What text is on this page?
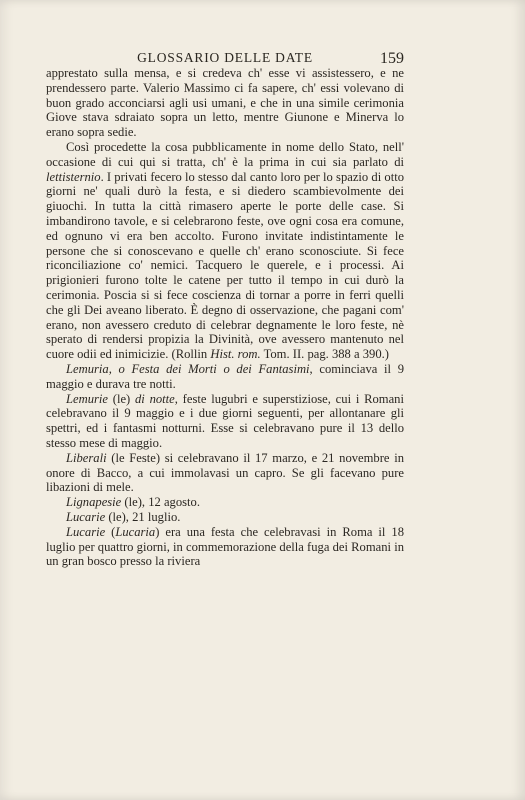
GLOSSARIO DELLE DATE	159

apprestato sulla mensa, e si credeva ch' esse vi assistessero, e ne prendessero parte. Valerio Massimo ci fa sapere, ch' essi volevano di buon grado acconciarsi agli usi umani, e che in una simile cerimonia Giove stava sdraiato sopra un letto, mentre Giunone e Minerva lo erano sopra sedie.

Così procedette la cosa pubblicamente in nome dello Stato, nell' occasione di cui qui si tratta, ch' è la prima in cui sia parlato di lettisternio. I privati fecero lo stesso dal canto loro per lo spazio di otto giorni ne' quali durò la festa, e si diedero scambievolmente dei giuochi. In tutta la città rimasero aperte le porte delle case. Si imbandirono tavole, e si celebrarono feste, ove ogni cosa era comune, ed ognuno vi era ben accolto. Furono invitate indistintamente le persone che si conoscevano e quelle ch' erano sconosciute. Si fece riconciliazione co' nemici. Tacquero le querele, e i processi. Ai prigionieri furono tolte le catene per tutto il tempo in cui durò la cerimonia. Poscia si si fece coscienza di tornar a porre in ferri quelli che gli Dei aveano liberato. È degno di osservazione, che pagani com' erano, non avessero creduto di celebrar degnamente le loro feste, nè sperato di rendersi propizia la Divinità, ove avessero mantenuto nel cuore odii ed inimicizie. (Rollin Hist. rom. Tom. II. pag. 388 a 390.)

Lemuria, o Festa dei Morti o dei Fantasimi, cominciava il 9 maggio e durava tre notti.

Lemurie (le) di notte, feste lugubri e superstiziose, cui i Romani celebravano il 9 maggio e i due giorni seguenti, per allontanare gli spettri, ed i fantasmi notturni. Esse si celebravano pure il 13 dello stesso mese di maggio.

Liberali (le Feste) si celebravano il 17 marzo, e 21 novembre in onore di Bacco, a cui immolavasi un capro. Se gli facevano pure libazioni di mele.

Lignapesie (le), 12 agosto.

Lucarie (le), 21 luglio.

Lucarie (Lucaria) era una festa che celebravasi in Roma il 18 luglio per quattro giorni, in commemorazione della fuga dei Romani in un gran bosco presso la riviera
